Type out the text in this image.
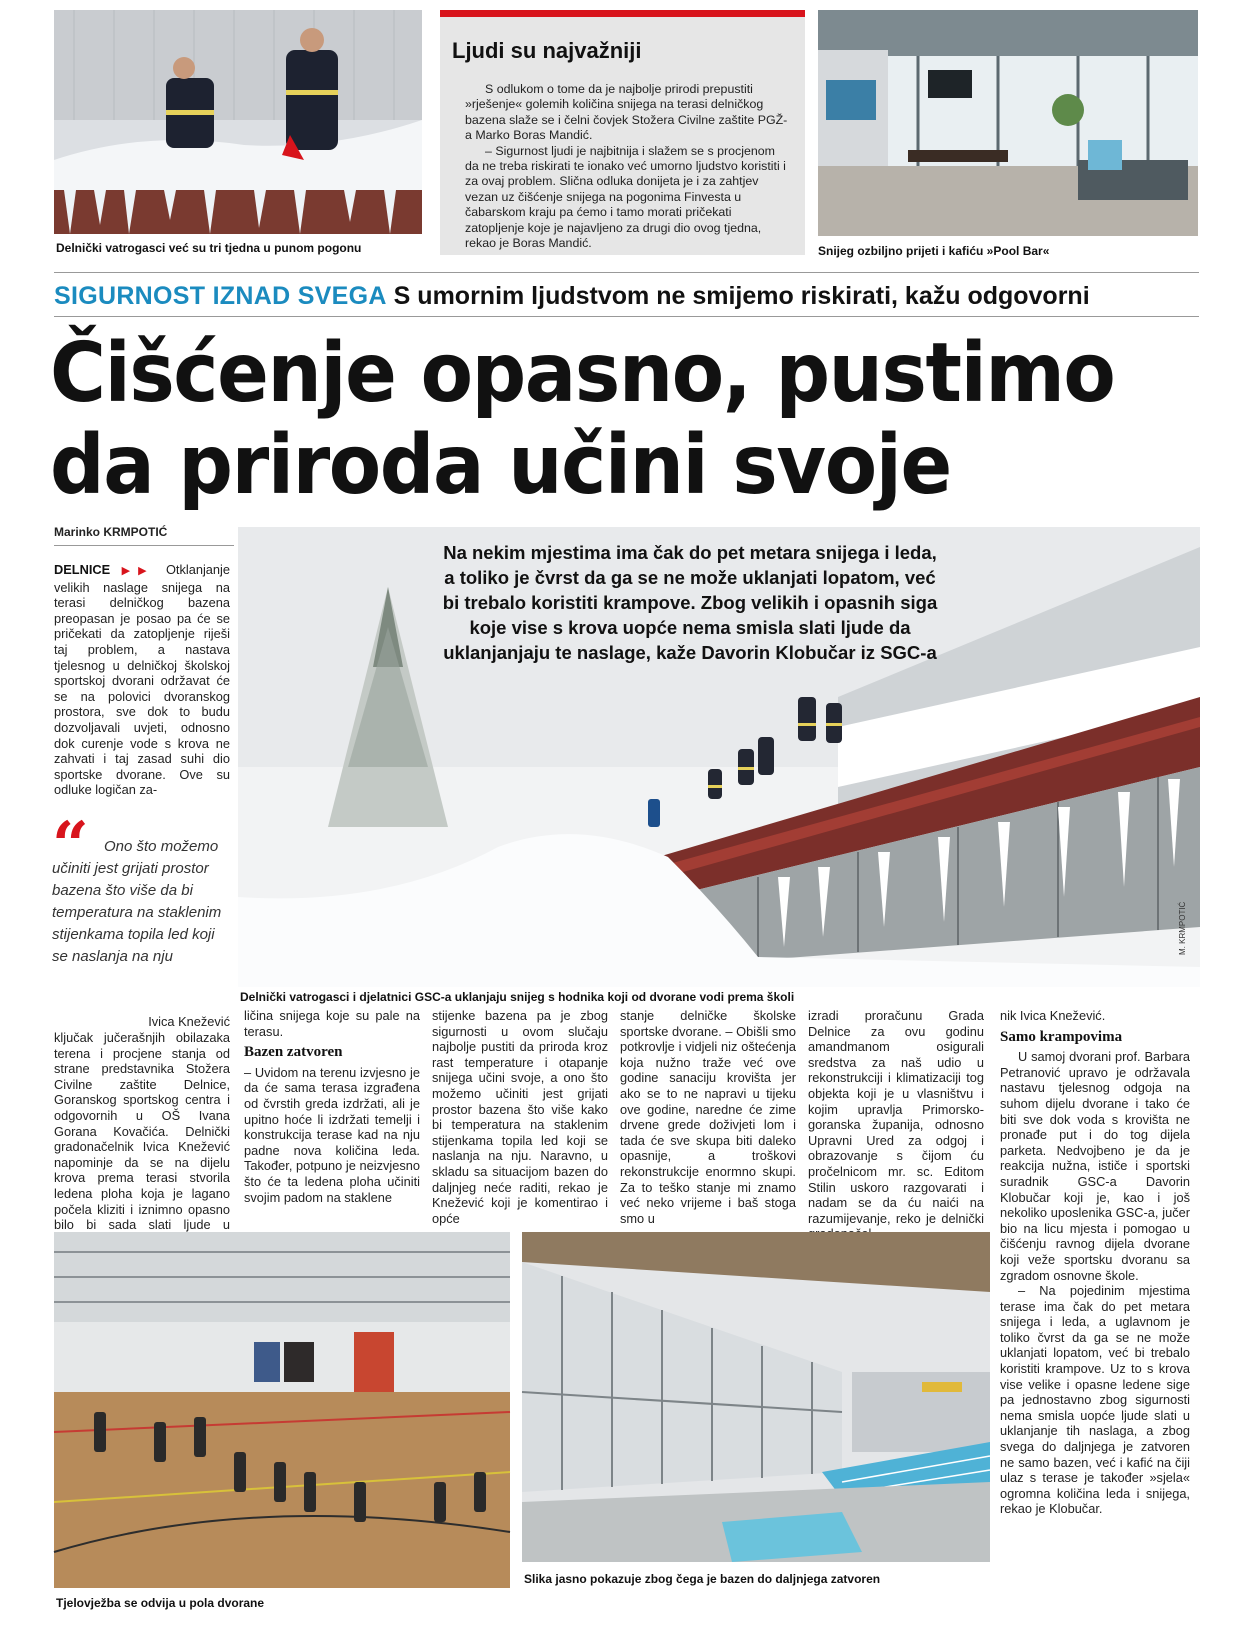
Delnički vatrogasci već su tri tjedna u punom pogonu
Ljudi su najvažniji

S odlukom o tome da je najbolje prirodi prepustiti »rješenje« golemih količina snijega na terasi delničkog bazena slaže se i čelni čovjek Stožera Civilne zaštite PGŽ-a Marko Boras Mandić.

– Sigurnost ljudi je najbitnija i slažem se s procjenom da ne treba riskirati te ionako već umorno ljudstvo koristiti i za ovaj problem. Slična odluka donijeta je i za zahtjev vezan uz čišćenje snijega na pogonima Finvesta u čabarskom kraju pa ćemo i tamo morati pričekati zatopljenje koje je najavljeno za drugi dio ovog tjedna, rekao je Boras Mandić.

Snijeg ozbiljno prijeti i kafiću »Pool Bar«
SIGURNOST IZNAD SVEGA S umornim ljudstvom ne smijemo riskirati, kažu odgovorni
Čišćenje opasno, pustimo
da priroda učini svoje
Marinko KRMPOTIĆ
Na nekim mjestima ima čak do pet metara snijega i leda, a toliko je čvrst da ga se ne može uklanjati lopatom, već bi trebalo koristiti krampove. Zbog velikih i opasnih siga koje vise s krova uopće nema smisla slati ljude da uklanjanjaju te naslage, kaže Davorin Klobučar iz SGC-a
M. KRMPOTIĆ
Delnički vatrogasci i djelatnici GSC-a uklanjaju snijeg s hodnika koji od dvorane vodi prema školi

DELNICE ▶▶ Otklanjanje velikih naslage snijega na terasi delničkog bazena preopasan je posao pa će se pričekati da zatopljenje riješi taj problem, a nastava tjelesnog u delničkoj školskoj sportskoj dvorani održavat će se na polovici dvoranskog prostora, sve dok to budu dozvoljavali uvjeti, odnosno dok curenje vode s krova ne zahvati i taj zasad suhi dio sportske dvorane. Ove su odluke logičan za-

“	Ono što možemo učiniti jest grijati prostor bazena što više da bi temperatura na staklenim stijenkama topila led koji se naslanja na nju
Ivica Knežević

ključak jučerašnjih obilazaka terena i procjene stanja od strane predstavnika Stožera Civilne zaštite Delnice, Goranskog sportskog centra i odgovornih u OŠ Ivana Gorana Kovačića. Delnički gradonačelnik Ivica Knežević napominje da se na dijelu krova prema terasi stvorila ledena ploha koja je lagano počela kliziti i iznimno opasno bilo bi sada slati ljude u

ličina snijega koje su pale na terasu.

Bazen zatvoren

– Uvidom na terenu izvjesno je da će sama terasa izgrađena od čvrstih greda izdržati, ali je upitno hoće li izdržati temelji i konstrukcija terase kad na nju padne nova količina leda. Također, potpuno je neizvjesno što će ta ledena ploha učiniti svojim padom na staklene

stijenke bazena pa je zbog sigurnosti u ovom slučaju najbolje pustiti da priroda kroz rast temperature i otapanje snijega učini svoje, a ono što možemo učiniti jest grijati prostor bazena što više kako bi temperatura na staklenim stijenkama topila led koji se naslanja na nju. Naravno, u skladu sa situacijom bazen do daljnjeg neće raditi, rekao je Knežević koji je komentirao i opće

stanje delničke školske sportske dvorane. – Obišli smo potkrovlje i vidjeli niz oštećenja koja nužno traže već ove godine sanaciju krovišta jer ako se to ne napravi u tijeku ove godine, naredne će zime drvene grede doživjeti lom i tada će sve skupa biti daleko opasnije, a troškovi rekonstrukcije enormno skupi. Za to teško stanje mi znamo već neko vrijeme i baš stoga smo u

izradi proračunu Grada Delnice za ovu godinu amandmanom osigurali sredstva za naš udio u rekonstrukciji i klimatizaciji tog objekta koji je u vlasništvu i kojim upravlja Primorsko-goranska županija, odnosno Upravni Ured za odgoj i obrazovanje s čijom ću pročelnicom mr. sc. Editom Stilin uskoro razgovarati i nadam se da ću naići na razumijevanje, reko je delnički

nik Ivica Knežević.

Samo krampovima

U samoj dvorani prof. Barbara Petranović upravo je održavala nastavu tjelesnog odgoja na suhom dijelu dvorane i tako će biti sve dok voda s krovišta ne pronađe put i do tog dijela parketa. Nedvojbeno je da je reakcija nužna, ističe i sportski suradnik GSC-a Davorin Klobučar koji je, kao i još nekoliko uposlenika GSC-a, jučer bio na licu mjesta i pomogao u čišćenju ravnog dijela dvorane koji veže sportsku dvoranu sa zgradom osnovne škole.

– Na pojedinim mjestima terase ima čak do pet metara snijega i leda, a uglavnom je toliko čvrst da ga se ne može uklanjati lopatom, već bi trebalo koristiti krampove. Uz to s krova vise velike i opasne ledene sige pa jednostavno zbog sigurnosti nema smisla uopće ljude slati u uklanjanje tih naslaga, a zbog svega do daljnjega je zatvoren ne samo bazen, već i kafić na čiji ulaz s terase je također »sjela« ogromna količina leda i snijega, rekao je Klobučar.

Tjelovježba se odvija u pola dvorane
Slika jasno pokazuje zbog čega je bazen do daljnjega zatvoren
